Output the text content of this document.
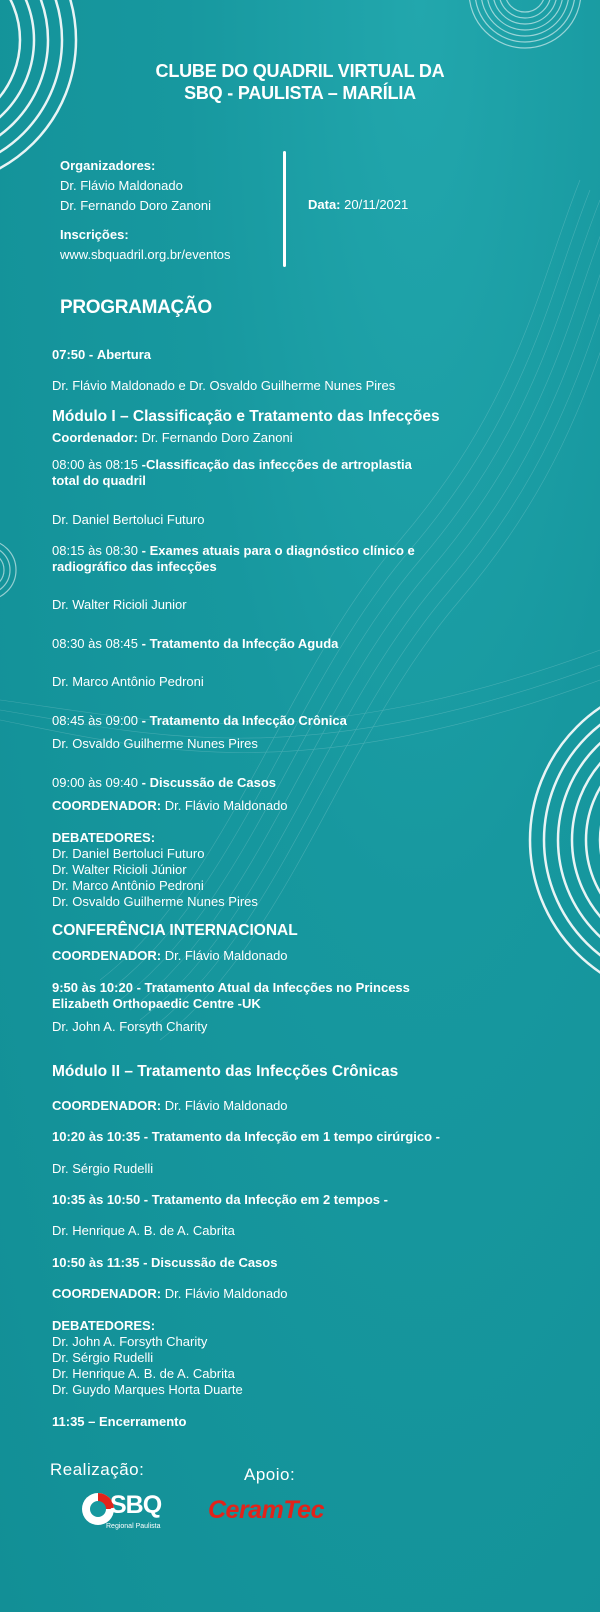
CLUBE DO QUADRIL VIRTUAL DA
SBQ - PAULISTA – MARÍLIA
Organizadores:
Dr. Flávio Maldonado
Dr. Fernando Doro Zanoni
Inscrições:
www.sbquadril.org.br/eventos
Data: 20/11/2021
PROGRAMAÇÃO
07:50 - Abertura
Dr. Flávio Maldonado e Dr. Osvaldo Guilherme Nunes Pires
Módulo I – Classificação e Tratamento das Infecções
Coordenador: Dr. Fernando Doro Zanoni
08:00 às 08:15 -Classificação das infecções de artroplastia
total do quadril
Dr. Daniel Bertoluci Futuro
08:15 às 08:30 - Exames atuais para o diagnóstico clínico e
radiográfico das infecções
Dr. Walter Ricioli Junior
08:30 às 08:45 - Tratamento da Infecção Aguda
Dr. Marco Antônio Pedroni
08:45 às 09:00 - Tratamento da Infecção Crônica
Dr. Osvaldo Guilherme Nunes Pires
09:00 às 09:40 - Discussão de Casos
COORDENADOR: Dr. Flávio Maldonado
DEBATEDORES:
Dr. Daniel Bertoluci Futuro
Dr. Walter Ricioli Júnior
Dr. Marco Antônio Pedroni
Dr. Osvaldo Guilherme Nunes Pires
CONFERÊNCIA INTERNACIONAL
COORDENADOR: Dr. Flávio Maldonado
9:50 às 10:20 - Tratamento Atual da Infecções no Princess
Elizabeth Orthopaedic Centre -UK
Dr. John A. Forsyth Charity
Módulo II – Tratamento das Infecções Crônicas
COORDENADOR: Dr. Flávio Maldonado
10:20 às 10:35 - Tratamento da Infecção em 1 tempo cirúrgico -
Dr. Sérgio Rudelli
10:35 às 10:50 - Tratamento da Infecção em 2 tempos -
Dr. Henrique A. B. de A. Cabrita
10:50 às 11:35 - Discussão de Casos
COORDENADOR: Dr. Flávio Maldonado
DEBATEDORES:
Dr. John A. Forsyth Charity
Dr. Sérgio Rudelli
Dr. Henrique A. B. de A. Cabrita
Dr. Guydo Marques Horta Duarte
11:35 – Encerramento
Realização:	Apoio:
SBQ
Regional Paulista
CeramTec
